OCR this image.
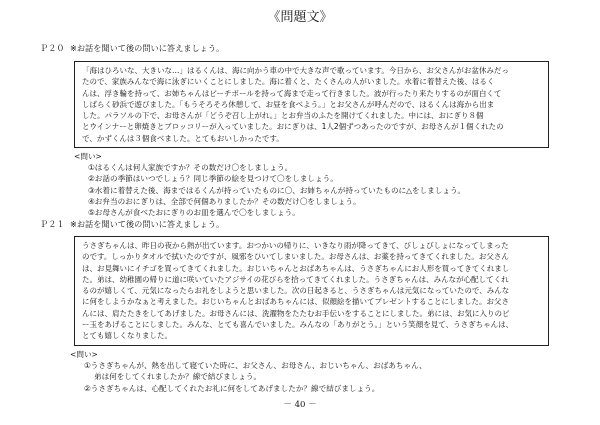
《問題文》
Ｐ２０ ※お話を聞いて後の問いに答えましょう。
「海はひろいな、大きいな…」はるくんは、海に向かう車の中で大きな声で歌っています。今日から、お父さんがお盆休みだっ
たので、家族みんなで海に泳ぎにいくことにしました。海に着くと、たくさんの人がいました。水着に着替えた後、はるく
んは、浮き輪を持って、お姉ちゃんはビーチボールを持って海まで走って行きました。波が行ったり来たりするのが面白くて
しばらく砂浜で遊びました。「もうそろそろ休憩して、お昼を食べよう。」とお父さんが呼んだので、はるくんは海から出ま
した。パラソルの下で、お母さんが「どうぞ召し上がれ。」とお弁当のふたを開けてくれました。中には、おにぎり８個
とウインナーと卵焼きとブロッコリーが入っていました。おにぎりは、1人2個ずつあったのですが、お母さんが１個くれたの
で、かずくんは３個食べました。とてもおいしかったです。
<問い>
①はるくんは何人家族ですか？その数だけ〇をしましょう。
②お話の季節はいつでしょう？同じ季節の絵を見つけて〇をしましょう。
③水着に着替えた後、海まではるくんが持っていたものに〇、お姉ちゃんが持っていたものに△をしましょう。
④お弁当のおにぎりは、全部で何個ありましたか？その数だけ〇をしましょう。
⑤お母さんが食べたおにぎりのお皿を選んで〇をしましょう。
Ｐ２１ ※お話を聞いて後の問いに答えましょう。
うさぎちゃんは、昨日の夜から熱が出ています。おつかいの帰りに、いきなり雨が降ってきて、びしょびしょになってしまった
のです。しっかりタオルで拭いたのですが、風邪をひいてしまいました。お母さんは、お薬を持ってきてくれました。お父さん
は、お見舞いにイチゴを買ってきてくれました。おじいちゃんとおばあちゃんは、うさぎちゃんにお人形を買ってきてくれまし
た。弟は、幼稚園の帰りに道に咲いていたアジサイの花びらを拾ってきてくれました。うさぎちゃんは、みんなが心配してくれ
るのが嬉しくて、元気になったらお礼をしようと思いました。次の日起きると、うさぎちゃんは元気になっていたので、みんな
に何をしようかなぁと考えました。おじいちゃんとおばあちゃんには、似顔絵を描いてプレゼントすることにしました。お父さ
んには、肩たたきをしてあげました。お母さんには、洗濯物をたたむお手伝いをすることにしました。弟には、お気に入りのビ
ー玉をあげることにしました。みんな、とても喜んでいました。みんなの「ありがとう。」という笑顔を見て、うさぎちゃんは、
とても嬉しくなりました。
<問い>
①うさぎちゃんが、熱を出して寝ていた時に、お父さん、お母さん、おじいちゃん、おばあちゃん、
弟は何をしてくれましたか？線で結びましょう。
②うさぎちゃんは、心配してくれたお礼に何をしてあげましたか？線で結びましょう。
－ 40 －
